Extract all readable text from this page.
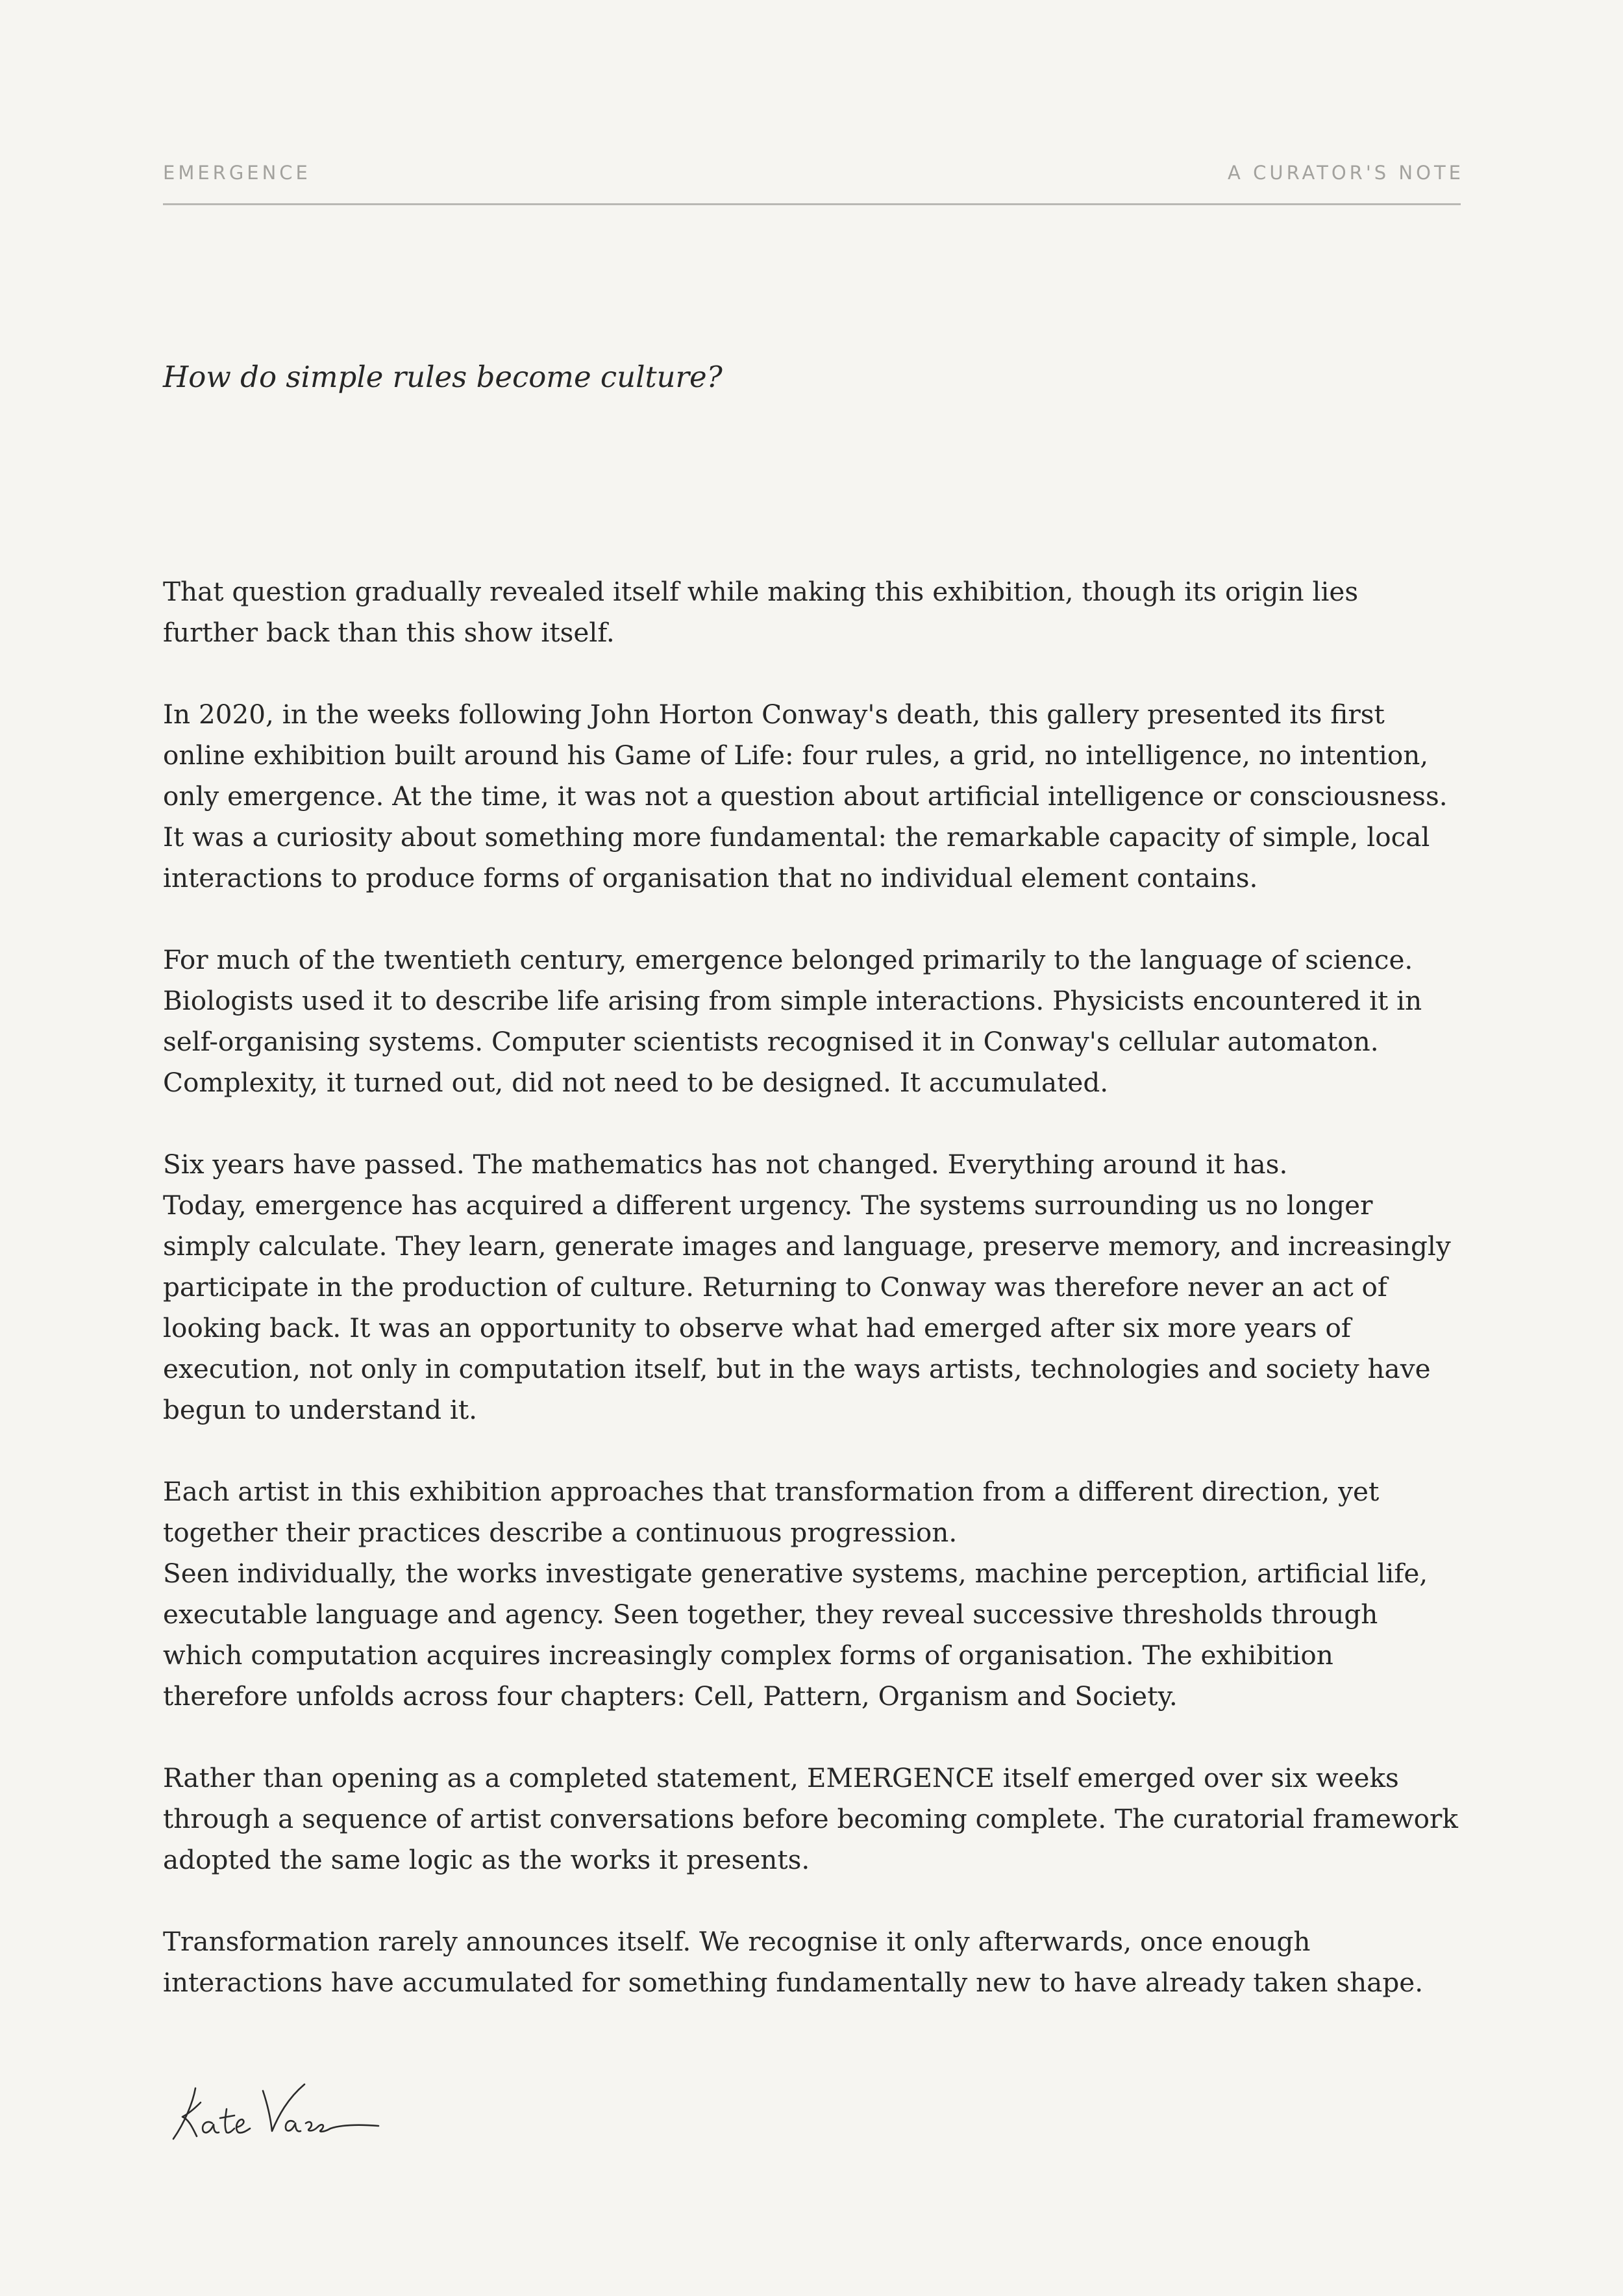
EMERGENCE	A CURATOR'S NOTE
How do simple rules become culture?
That question gradually revealed itself while making this exhibition, though its origin lies
further back than this show itself.
In 2020, in the weeks following John Horton Conway's death, this gallery presented its first
online exhibition built around his Game of Life: four rules, a grid, no intelligence, no intention,
only emergence. At the time, it was not a question about artificial intelligence or consciousness.
It was a curiosity about something more fundamental: the remarkable capacity of simple, local
interactions to produce forms of organisation that no individual element contains.
For much of the twentieth century, emergence belonged primarily to the language of science.
Biologists used it to describe life arising from simple interactions. Physicists encountered it in
self-organising systems. Computer scientists recognised it in Conway's cellular automaton.
Complexity, it turned out, did not need to be designed. It accumulated.
Six years have passed. The mathematics has not changed. Everything around it has.
Today, emergence has acquired a different urgency. The systems surrounding us no longer
simply calculate. They learn, generate images and language, preserve memory, and increasingly
participate in the production of culture. Returning to Conway was therefore never an act of
looking back. It was an opportunity to observe what had emerged after six more years of
execution, not only in computation itself, but in the ways artists, technologies and society have
begun to understand it.
Each artist in this exhibition approaches that transformation from a different direction, yet
together their practices describe a continuous progression.
Seen individually, the works investigate generative systems, machine perception, artificial life,
executable language and agency. Seen together, they reveal successive thresholds through
which computation acquires increasingly complex forms of organisation. The exhibition
therefore unfolds across four chapters: Cell, Pattern, Organism and Society.
Rather than opening as a completed statement, EMERGENCE itself emerged over six weeks
through a sequence of artist conversations before becoming complete. The curatorial framework
adopted the same logic as the works it presents.
Transformation rarely announces itself. We recognise it only afterwards, once enough
interactions have accumulated for something fundamentally new to have already taken shape.
